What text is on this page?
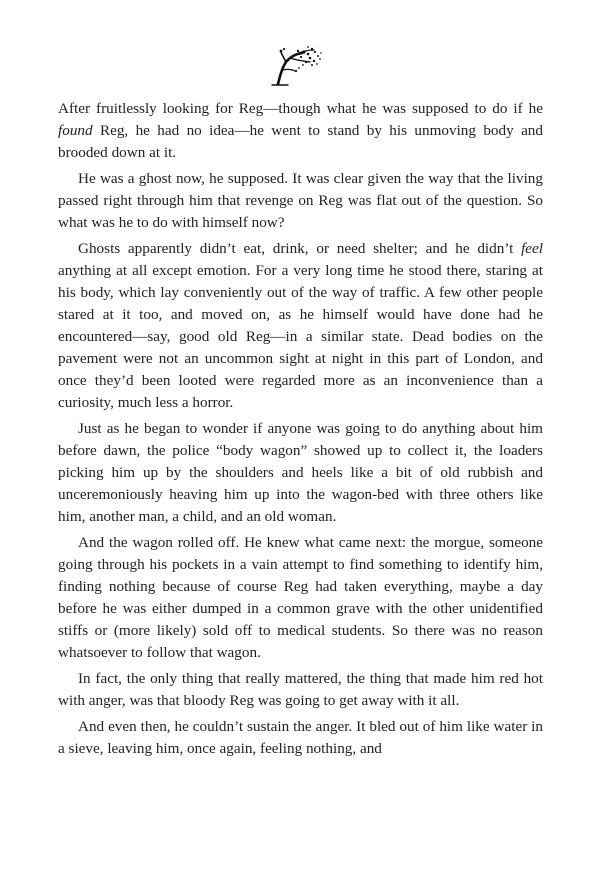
After fruitlessly looking for Reg—though what he was supposed to do if he found Reg, he had no idea—he went to stand by his unmoving body and brooded down at it.

He was a ghost now, he supposed. It was clear given the way that the living passed right through him that revenge on Reg was flat out of the question. So what was he to do with himself now?

Ghosts apparently didn’t eat, drink, or need shelter; and he didn’t feel anything at all except emotion. For a very long time he stood there, staring at his body, which lay conveniently out of the way of traffic. A few other people stared at it too, and moved on, as he himself would have done had he encountered—say, good old Reg—in a similar state. Dead bodies on the pavement were not an uncommon sight at night in this part of London, and once they’d been looted were regarded more as an inconvenience than a curiosity, much less a horror.

Just as he began to wonder if anyone was going to do anything about him before dawn, the police “body wagon” showed up to collect it, the loaders picking him up by the shoulders and heels like a bit of old rubbish and unceremoniously heaving him up into the wagon-bed with three others like him, another man, a child, and an old woman.

And the wagon rolled off. He knew what came next: the morgue, someone going through his pockets in a vain attempt to find something to identify him, finding nothing because of course Reg had taken everything, maybe a day before he was either dumped in a common grave with the other unidentified stiffs or (more likely) sold off to medical students. So there was no reason whatsoever to follow that wagon.

In fact, the only thing that really mattered, the thing that made him red hot with anger, was that bloody Reg was going to get away with it all.

And even then, he couldn’t sustain the anger. It bled out of him like water in a sieve, leaving him, once again, feeling nothing, and
